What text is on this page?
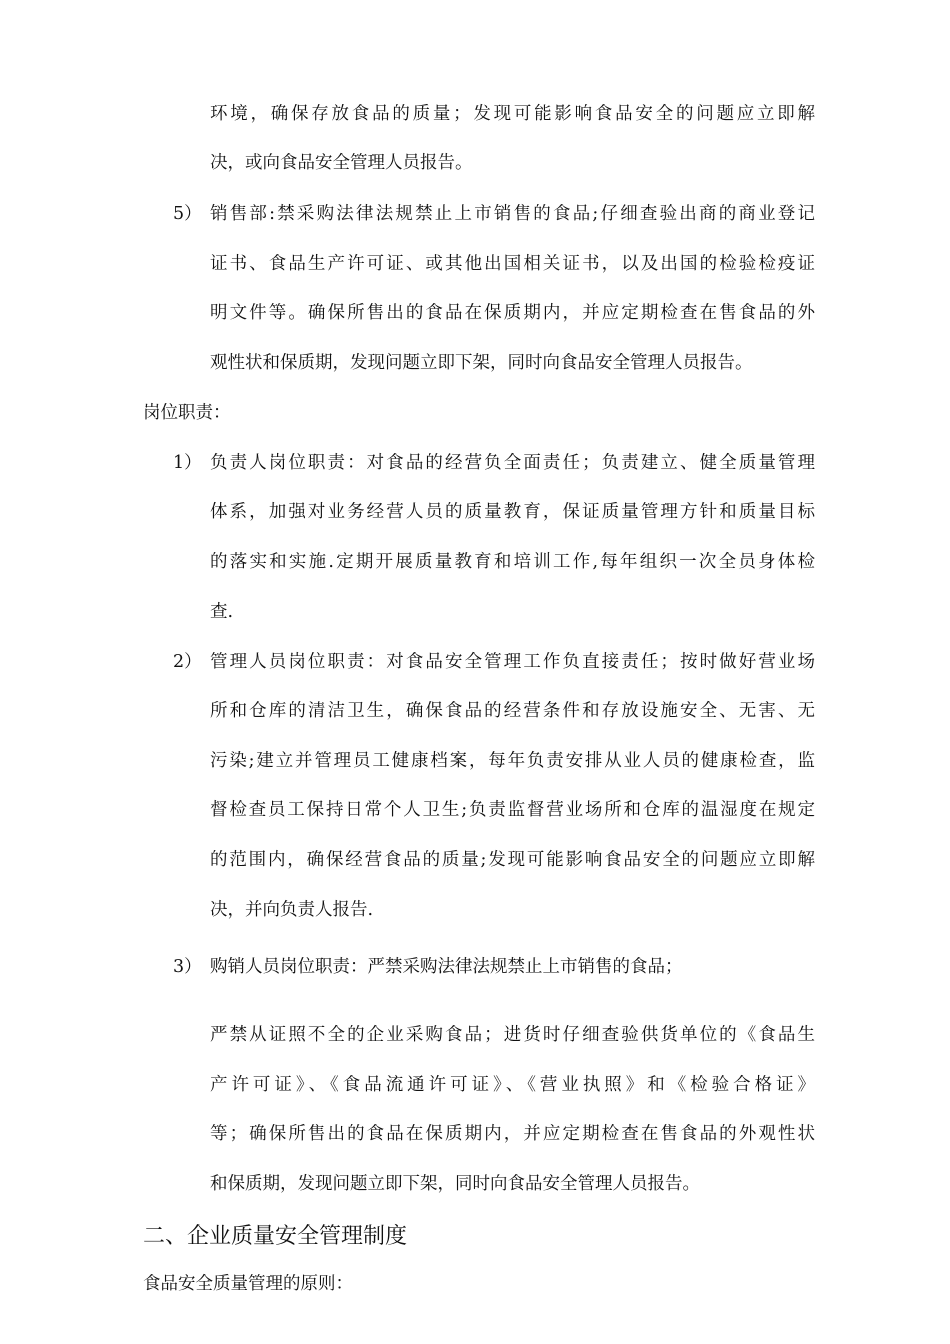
环境，确保存放食品的质量；发现可能影响食品安全的问题应立即解
决，或向食品安全管理人员报告。
5） 销售部:禁采购法律法规禁止上市销售的食品;仔细查验出商的商业登记
证书、食品生产许可证、或其他出国相关证书，以及出国的检验检疫证
明文件等。确保所售出的食品在保质期内，并应定期检查在售食品的外
观性状和保质期，发现问题立即下架，同时向食品安全管理人员报告。
岗位职责：
1） 负责人岗位职责：对食品的经营负全面责任；负责建立、健全质量管理
体系，加强对业务经营人员的质量教育，保证质量管理方针和质量目标
的落实和实施.定期开展质量教育和培训工作,每年组织一次全员身体检
查.
2） 管理人员岗位职责：对食品安全管理工作负直接责任；按时做好营业场
所和仓库的清洁卫生，确保食品的经营条件和存放设施安全、无害、无
污染;建立并管理员工健康档案，每年负责安排从业人员的健康检查，监
督检查员工保持日常个人卫生;负责监督营业场所和仓库的温湿度在规定
的范围内，确保经营食品的质量;发现可能影响食品安全的问题应立即解
决，并向负责人报告.
3） 购销人员岗位职责：严禁采购法律法规禁止上市销售的食品；
严禁从证照不全的企业采购食品；进货时仔细查验供货单位的《食品生
产许可证》、《食品流通许可证》、《营业执照》和《检验合格证》
等；确保所售出的食品在保质期内，并应定期检查在售食品的外观性状
和保质期，发现问题立即下架，同时向食品安全管理人员报告。
二、企业质量安全管理制度
食品安全质量管理的原则：
